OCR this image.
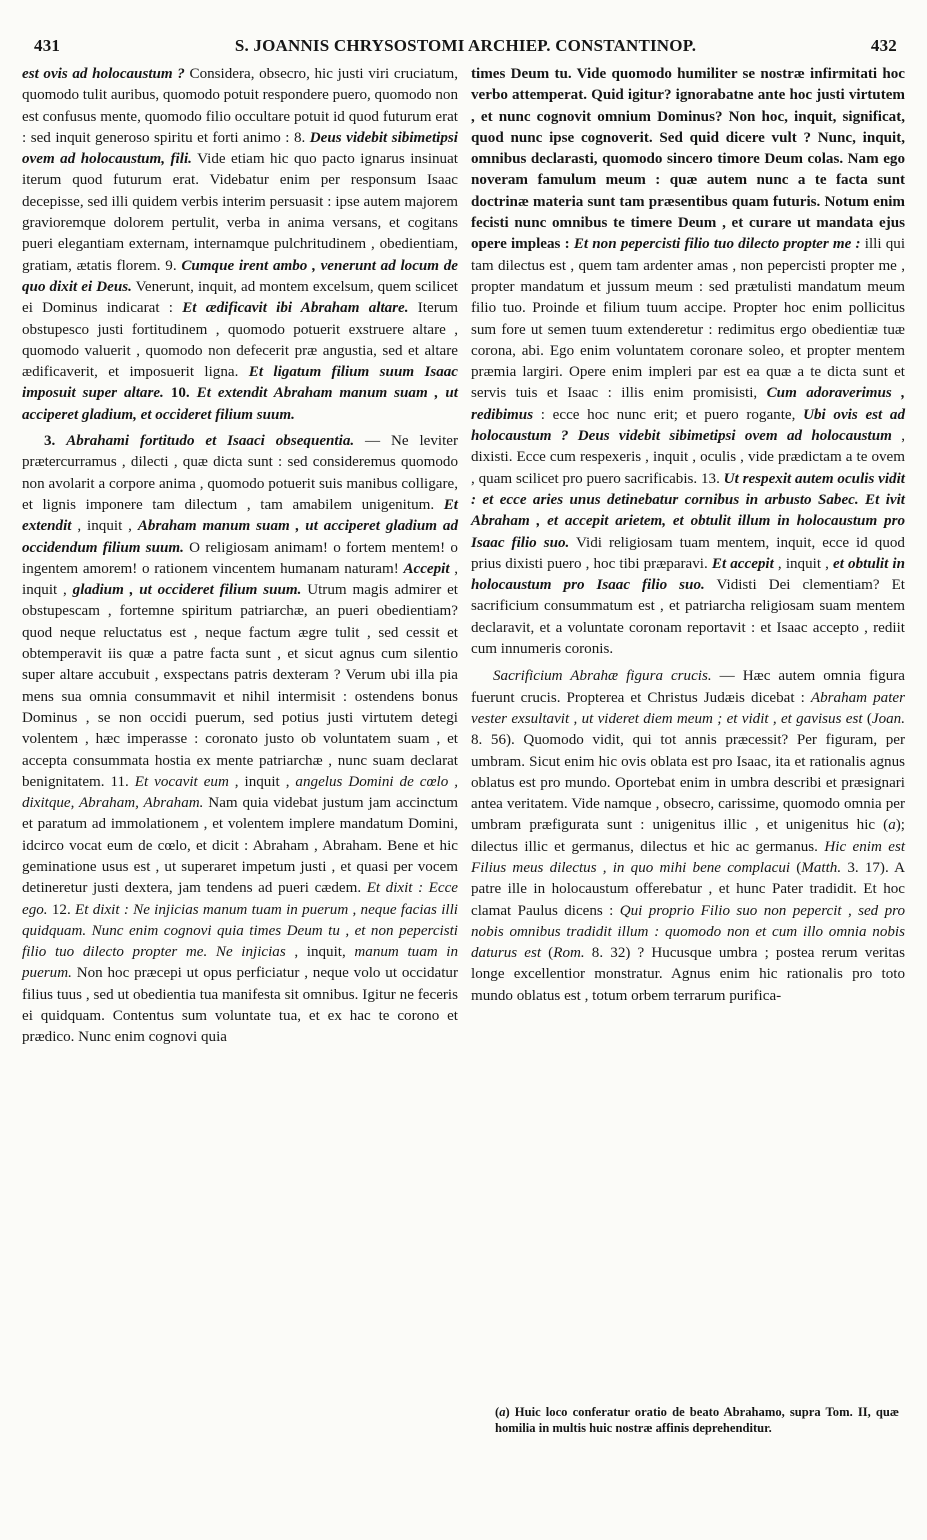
431	S. JOANNIS CHRYSOSTOMI ARCHIEP. CONSTANTINOP.	432

est ovis ad holocaustum ? Considera, obsecro, hic justi viri cruciatum, quomodo tulit auribus, quomodo potuit respondere puero, quomodo non est confusus mente, quomodo filio occultare potuit id quod futurum erat : sed inquit generoso spiritu et forti animo : 8. Deus videbit sibimetipsi ovem ad holocaustum, fili. Vide etiam hic quo pacto ignarus insinuat iterum quod futurum erat. Videbatur enim per responsum Isaac decepisse, sed illi quidem verbis interim persuasit : ipse autem majorem gravioremque dolorem pertulit, verba in anima versans, et cogitans pueri elegantiam externam, internamque pulchritudinem , obedientiam, gratiam, ætatis florem. 9. Cumque irent ambo , venerunt ad locum de quo dixit ei Deus. Venerunt, inquit, ad montem excelsum, quem scilicet ei Dominus indicarat : Et ædificavit ibi Abraham altare. Iterum obstupesco justi fortitudinem , quomodo potuerit exstruere altare , quomodo valuerit , quomodo non defecerit præ angustia, sed et altare ædificaverit, et imposuerit ligna. Et ligatum filium suum Isaac imposuit super altare. 10. Et extendit Abraham manum suam , ut acciperet gladium, et occideret filium suum.

3. Abrahami fortitudo et Isaaci obsequentia. — Ne leviter prætercurramus , dilecti , quæ dicta sunt : sed consideremus quomodo non avolarit a corpore anima , quomodo potuerit suis manibus colligare, et lignis imponere tam dilectum , tam amabilem unigenitum. Et extendit , inquit , Abraham manum suam , ut acciperet gladium ad occidendum filium suum. O religiosam animam! o fortem mentem! o ingentem amorem! o rationem vincentem humanam naturam! Accepit , inquit , gladium , ut occideret filium suum. Utrum magis admirer et obstupescam , fortemne spiritum patriarchæ, an pueri obedientiam? quod neque reluctatus est , neque factum ægre tulit , sed cessit et obtemperavit iis quæ a patre facta sunt , et sicut agnus cum silentio super altare accubuit , exspectans patris dexteram ? Verum ubi illa pia mens sua omnia consummavit et nihil intermisit : ostendens bonus Dominus , se non occidi puerum, sed potius justi virtutem detegi volentem , hæc imperasse : coronato justo ob voluntatem suam , et accepta consummata hostia ex mente patriarchæ , nunc suam declarat benignitatem. 11. Et vocavit eum , inquit , angelus Domini de cœlo , dixitque, Abraham, Abraham. Nam quia videbat justum jam accinctum et paratum ad immolationem , et volentem implere mandatum Domini, idcirco vocat eum de cœlo, et dicit : Abraham , Abraham. Bene et hic geminatione usus est , ut superaret impetum justi , et quasi per vocem detineretur justi dextera, jam tendens ad pueri cædem. Et dixit : Ecce ego. 12. Et dixit : Ne injicias manum tuam in puerum , neque facias illi quidquam. Nunc enim cognovi quia times Deum tu , et non pepercisti filio tuo dilecto propter me. Ne injicias , inquit, manum tuam in puerum. Non hoc præcepi ut opus perficiatur , neque volo ut occidatur filius tuus , sed ut obedientia tua manifesta sit omnibus. Igitur ne feceris ei quidquam. Contentus sum voluntate tua, et ex hac te corono et prædico. Nunc enim cognovi quia

times Deum tu. Vide quomodo humiliter se nostræ infirmitati hoc verbo attemperat. Quid igitur? ignorabatne ante hoc justi virtutem , et nunc cognovit omnium Dominus? Non hoc, inquit, significat, quod nunc ipse cognoverit. Sed quid dicere vult ? Nunc, inquit, omnibus declarasti, quomodo sincero timore Deum colas. Nam ego noveram famulum meum : quæ autem nunc a te facta sunt doctrinæ materia sunt tam præsentibus quam futuris. Notum enim fecisti nunc omnibus te timere Deum , et curare ut mandata ejus opere impleas : Et non pepercisti filio tuo dilecto propter me : illi qui tam dilectus est , quem tam ardenter amas , non pepercisti propter me , propter mandatum et jussum meum : sed prætulisti mandatum meum filio tuo. Proinde et filium tuum accipe. Propter hoc enim pollicitus sum fore ut semen tuum extenderetur : redimitus ergo obedientiæ tuæ corona, abi. Ego enim voluntatem coronare soleo, et propter mentem præmia largiri. Opere enim impleri par est ea quæ a te dicta sunt et servis tuis et Isaac : illis enim promisisti, Cum adoraverimus , redibimus : ecce hoc nunc erit; et puero rogante, Ubi ovis est ad holocaustum ? Deus videbit sibimetipsi ovem ad holocaustum , dixisti. Ecce cum respexeris , inquit , oculis , vide prædictam a te ovem , quam scilicet pro puero sacrificabis. 13. Ut respexit autem oculis vidit : et ecce aries unus detinebatur cornibus in arbusto Sabec. Et ivit Abraham , et accepit arietem, et obtulit illum in holocaustum pro Isaac filio suo. Vidi religiosam tuam mentem, inquit, ecce id quod prius dixisti puero , hoc tibi præparavi. Et accepit , inquit , et obtulit in holocaustum pro Isaac filio suo. Vidisti Dei clementiam? Et sacrificium consummatum est , et patriarcha religiosam suam mentem declaravit, et a voluntate coronam reportavit : et Isaac accepto , rediit cum innumeris coronis.

Sacrificium Abrahæ figura crucis. — Hæc autem omnia figura fuerunt crucis. Propterea et Christus Judæis dicebat : Abraham pater vester exsultavit , ut videret diem meum ; et vidit , et gavisus est (Joan. 8. 56). Quomodo vidit, qui tot annis præcessit? Per figuram, per umbram. Sicut enim hic ovis oblata est pro Isaac, ita et rationalis agnus oblatus est pro mundo. Oportebat enim in umbra describi et præsignari antea veritatem. Vide namque , obsecro, carissime, quomodo omnia per umbram præfigurata sunt : unigenitus illic , et unigenitus hic (a); dilectus illic et germanus, dilectus et hic ac germanus. Hic enim est Filius meus dilectus , in quo mihi bene complacui (Matth. 3. 17). A patre ille in holocaustum offerebatur , et hunc Pater tradidit. Et hoc clamat Paulus dicens : Qui proprio Filio suo non pepercit , sed pro nobis omnibus tradidit illum : quomodo non et cum illo omnia nobis daturus est (Rom. 8. 32) ? Hucusque umbra ; postea rerum veritas longe excellentior monstratur. Agnus enim hic rationalis pro toto mundo oblatus est , totum orbem terrarum purifica-

(a) Huic loco conferatur oratio de beato Abrahamo, supra Tom. II, quæ homilia in multis huic nostræ affinis deprehenditur.
